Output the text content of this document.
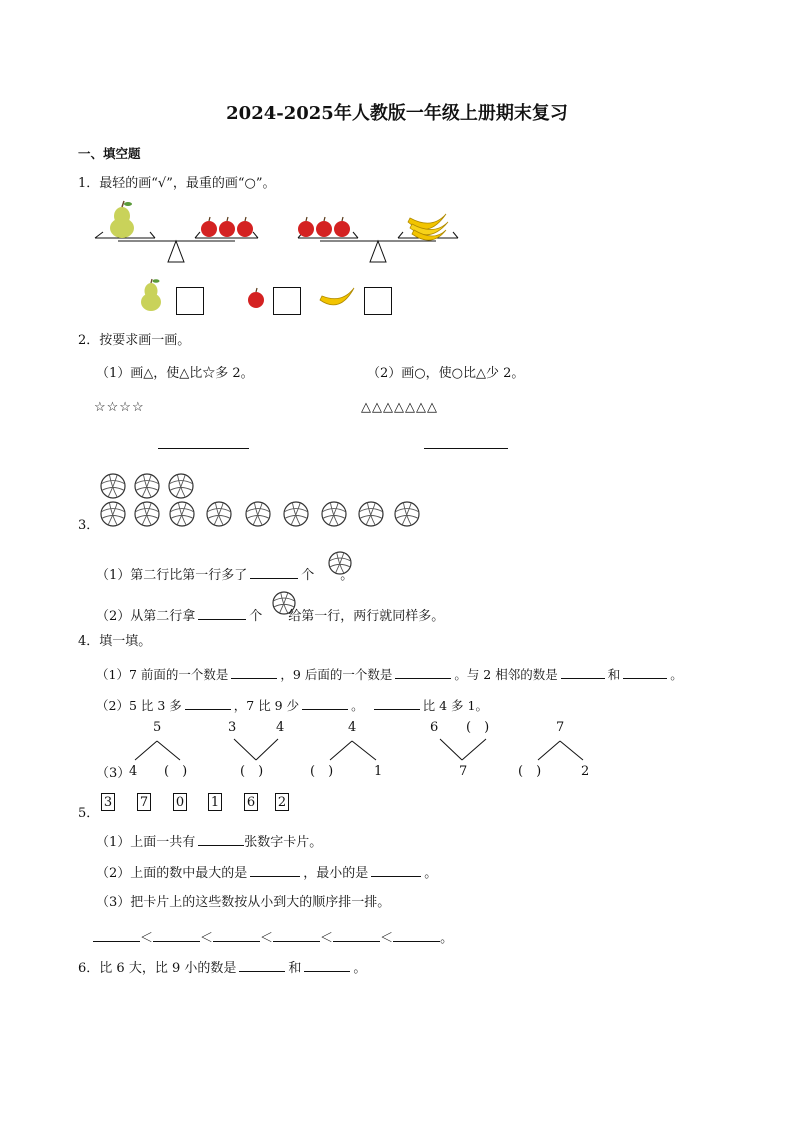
2024-2025年人教版一年级上册期末复习
一、填空题
1．最轻的画“√”，最重的画“○”。
2．按要求画一画。
（1）画△，使△比☆多 2。	（2）画○，使○比△少 2。
☆☆☆☆	△△△△△△△
3．
（1）第二行比第一行多了	个 。
（2）从第二行拿	个 给第一行，两行就同样多。
4．填一填。
（1）7 前面的一个数是	，9 后面的一个数是	。与 2 相邻的数是	和	。
（2）5 比 3 多	，7 比 9 少	。	比 4 多 1。
（3）
5
4 (　)
3	4
(　)
4
(　)	1
6 (　)
7
7
(　)	2
3 7 0 1 6 2
5．
（1）上面一共有	张数字卡片。
（2）上面的数中最大的是	，最小的是	。
（3）把卡片上的这些数按从小到大的顺序排一排。
＜	＜	＜	＜	＜	。
6．比 6 大，比 9 小的数是	和	。
